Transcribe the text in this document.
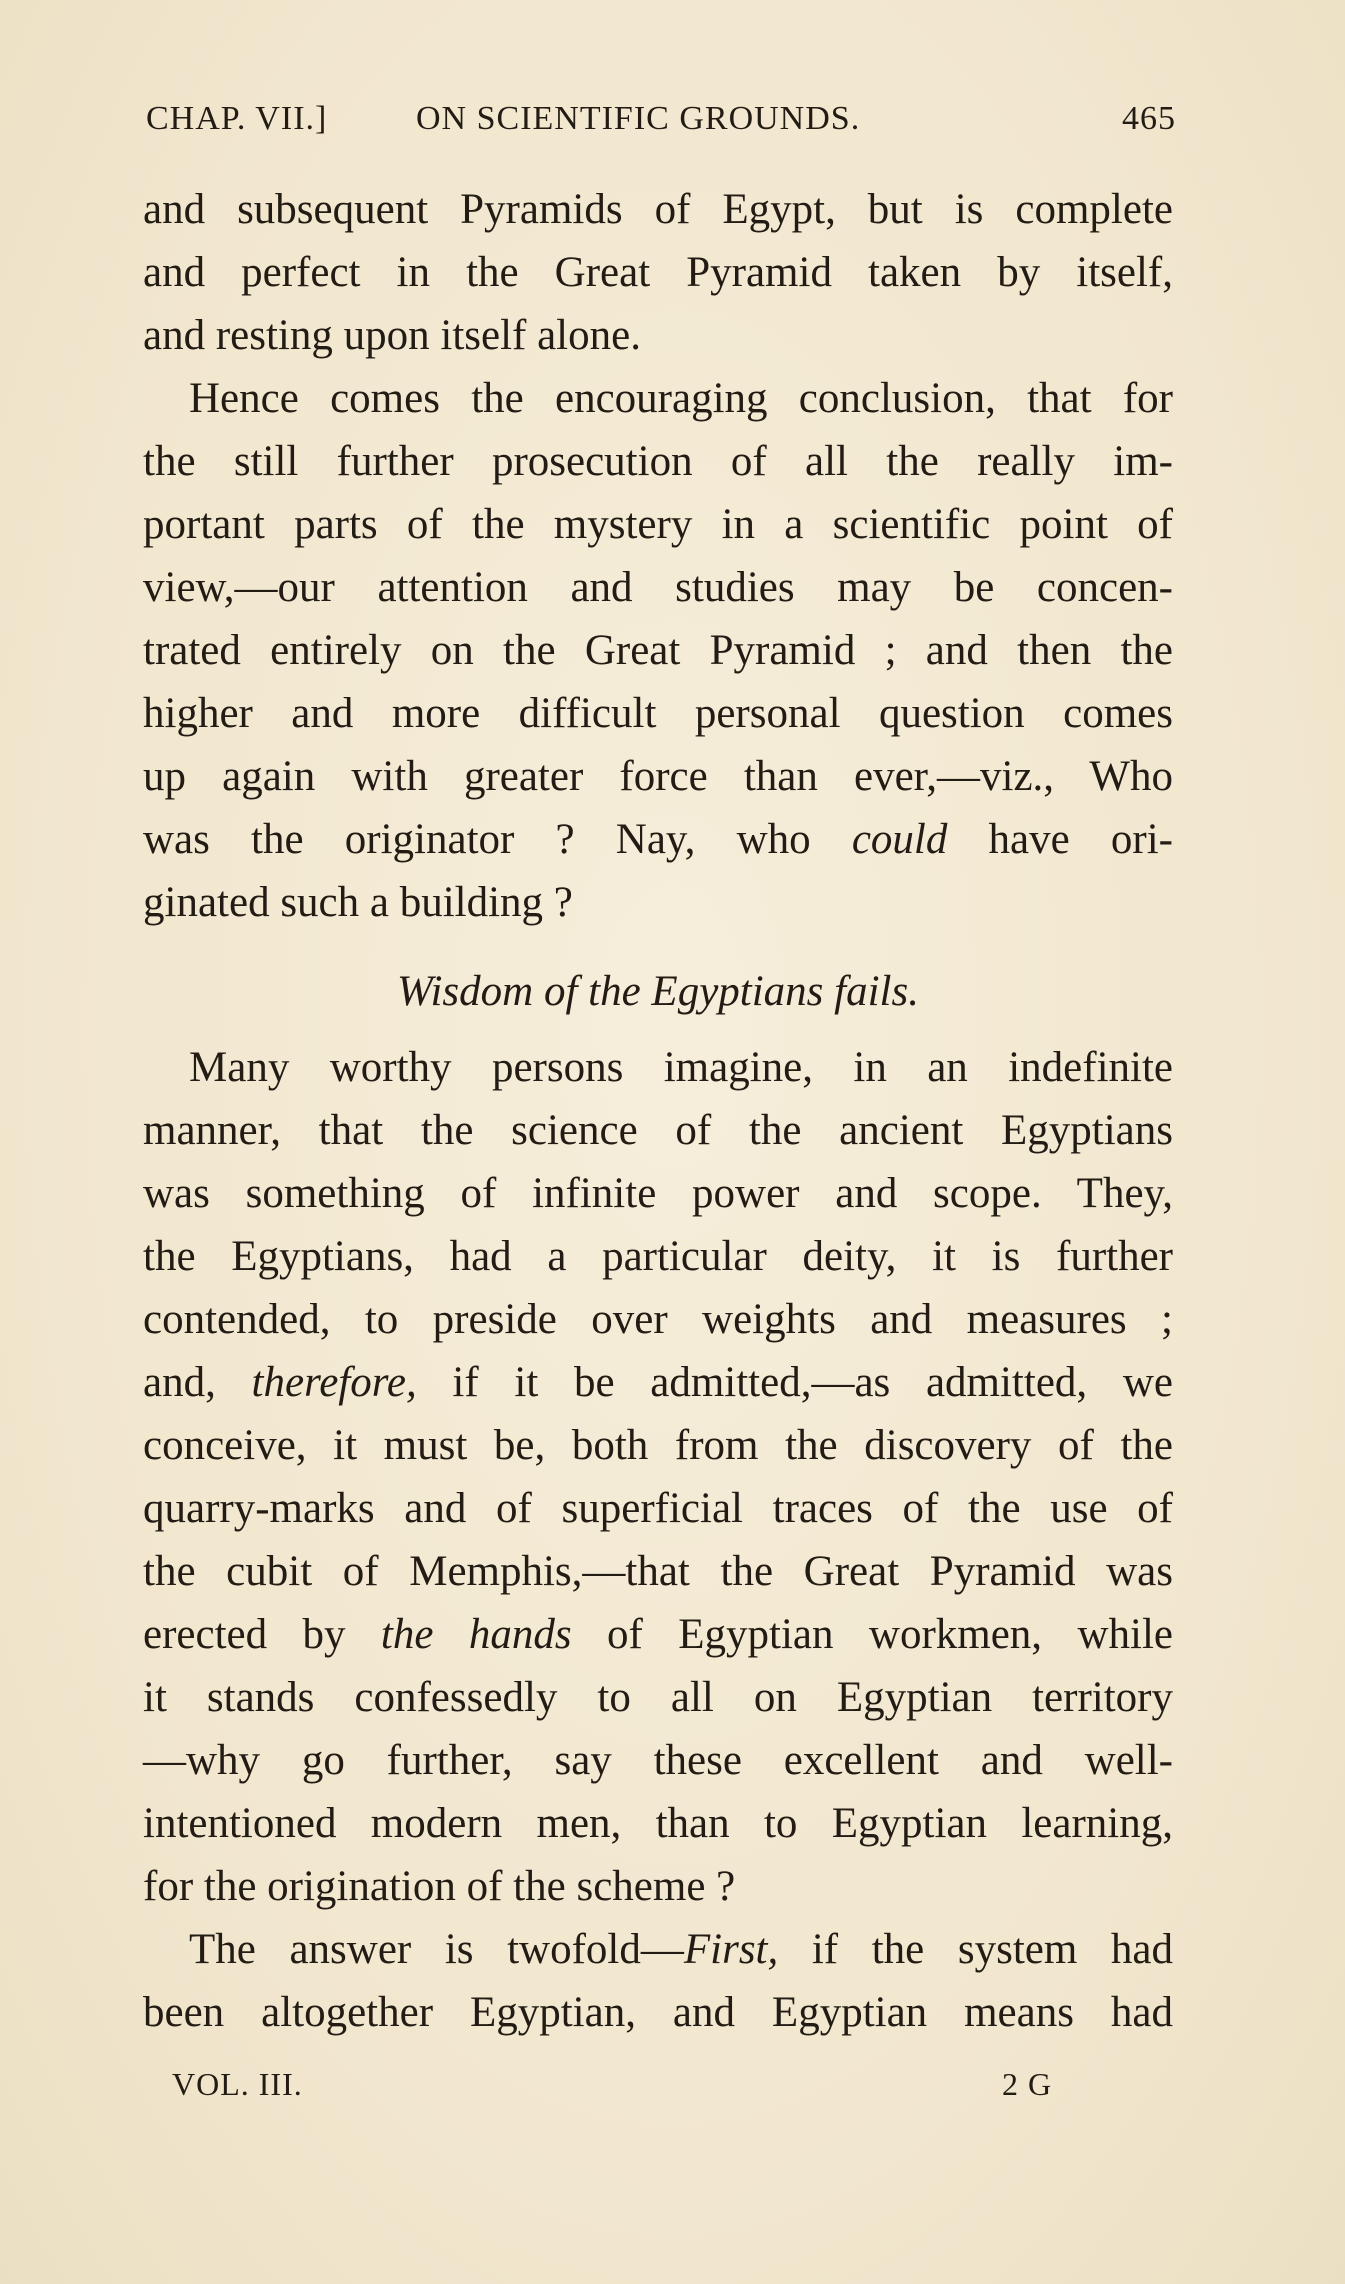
CHAP. VII.]	ON SCIENTIFIC GROUNDS.	465
and subsequent Pyramids of Egypt, but is complete
and perfect in the Great Pyramid taken by itself,
and resting upon itself alone.
Hence comes the encouraging conclusion, that for
the still further prosecution of all the really im-
portant parts of the mystery in a scientific point of
view,—our attention and studies may be concen-
trated entirely on the Great Pyramid ; and then the
higher and more difficult personal question comes
up again with greater force than ever,—viz., Who
was the originator ? Nay, who could have ori-
ginated such a building ?
Wisdom of the Egyptians fails.
Many worthy persons imagine, in an indefinite
manner, that the science of the ancient Egyptians
was something of infinite power and scope. They,
the Egyptians, had a particular deity, it is further
contended, to preside over weights and measures ;
and, therefore, if it be admitted,—as admitted, we
conceive, it must be, both from the discovery of the
quarry-marks and of superficial traces of the use of
the cubit of Memphis,—that the Great Pyramid was
erected by the hands of Egyptian workmen, while
it stands confessedly to all on Egyptian territory
—why go further, say these excellent and well-
intentioned modern men, than to Egyptian learning,
for the origination of the scheme ?
The answer is twofold—First, if the system had
been altogether Egyptian, and Egyptian means had
VOL. III.	2 G
